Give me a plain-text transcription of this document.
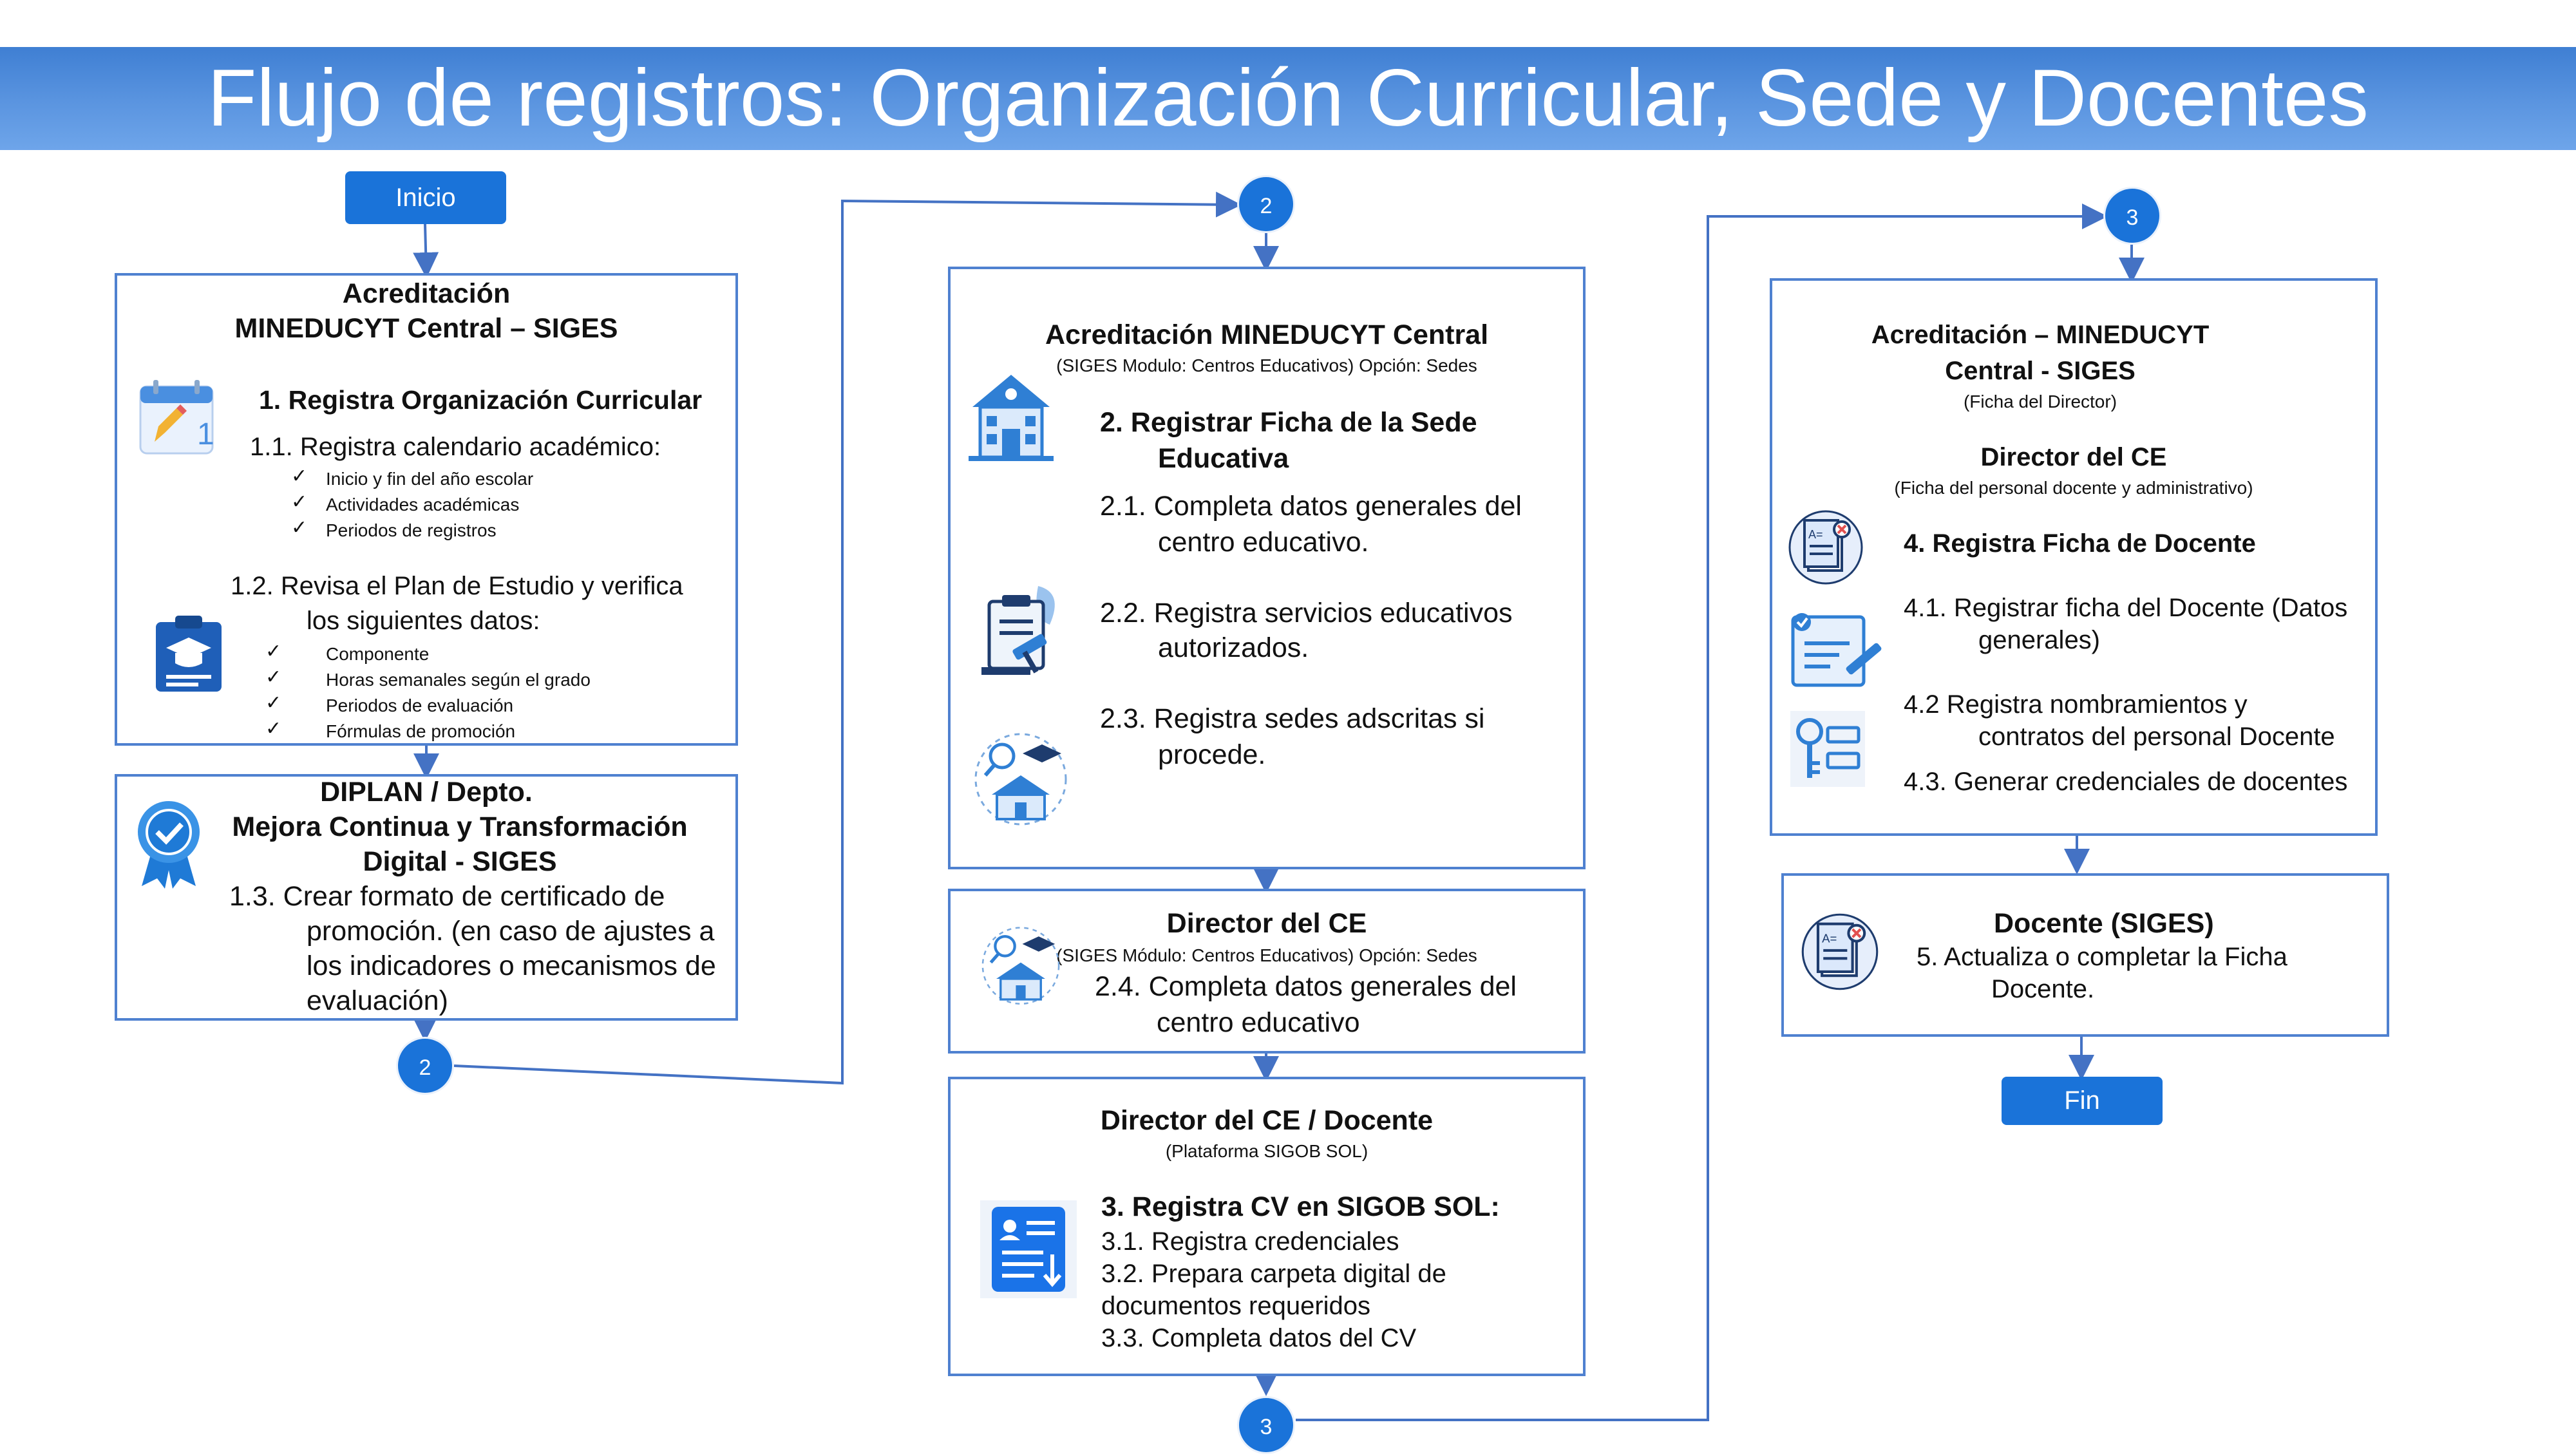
Flujo de registros: Organización Curricular, Sede y Docentes
Inicio
Fin
2
2
3
3
Acreditación
MINEDUCYT Central – SIGES
1
1. Registra Organización Curricular
1.1. Registra calendario académico:
✓ Inicio y fin del año escolar
✓ Actividades académicas
✓ Periodos de registros
1.2. Revisa el Plan de Estudio y verifica
los siguientes datos:
✓ Componente
✓ Horas semanales según el grado
✓ Periodos de evaluación
✓ Fórmulas de promoción
DIPLAN / Depto.
Mejora Continua y Transformación
Digital - SIGES
1.3. Crear formato de certificado de
promoción. (en caso de ajustes a
los indicadores o mecanismos de
evaluación)
Acreditación MINEDUCYT Central
(SIGES Modulo: Centros Educativos) Opción: Sedes
2. Registrar Ficha de la Sede
Educativa
2.1. Completa datos generales del
centro educativo.
2.2. Registra servicios educativos
autorizados.
2.3. Registra sedes adscritas si
procede.
Director del CE
(SIGES Módulo: Centros Educativos) Opción: Sedes
2.4. Completa datos generales del
centro educativo
Director del CE / Docente
(Plataforma SIGOB SOL)
3. Registra CV en SIGOB SOL:
3.1. Registra credenciales
3.2. Prepara carpeta digital de
documentos requeridos
3.3. Completa datos del CV
Acreditación – MINEDUCYT
Central - SIGES
(Ficha del Director)
Director del CE
(Ficha del personal docente y administrativo)
A=	4. Registra Ficha de Docente
4.1. Registrar ficha del Docente (Datos
generales)
4.2 Registra nombramientos y
contratos del personal Docente
4.3. Generar credenciales de docentes
Docente (SIGES)
A=
5. Actualiza o completar la Ficha
Docente.
